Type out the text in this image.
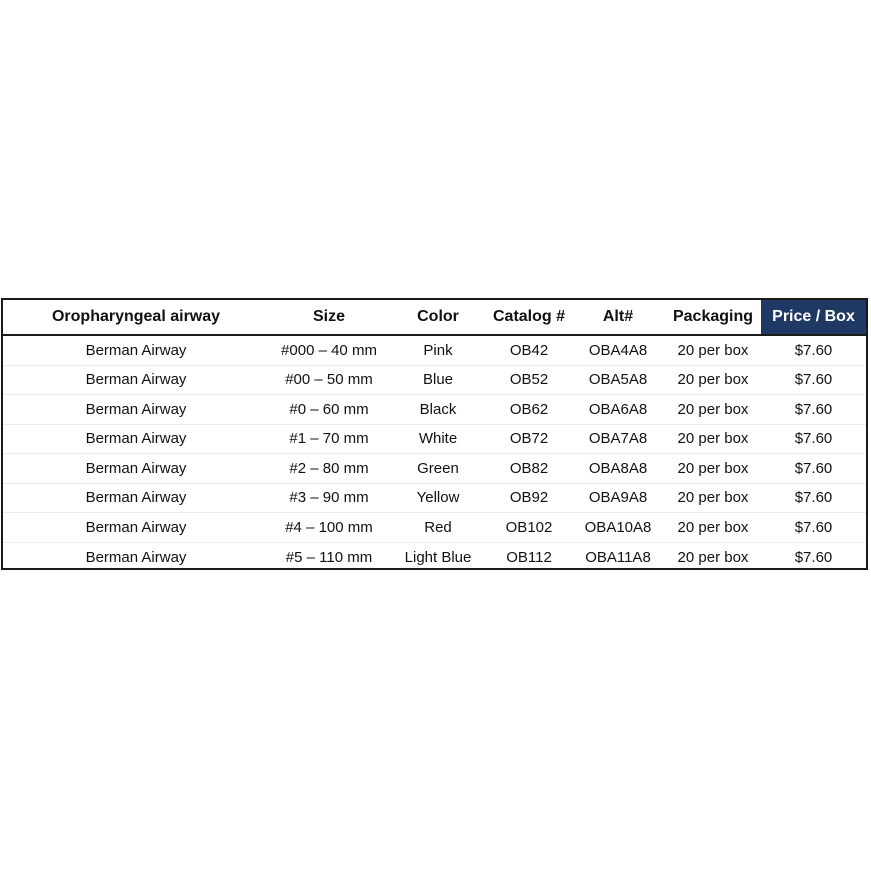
Oropharyngeal airway	Size	Color	Catalog #	Alt#	Packaging	Price / Box
Berman Airway	#000 – 40 mm	Pink	OB42	OBA4A8	20 per box	$7.60
Berman Airway	#00 – 50 mm	Blue	OB52	OBA5A8	20 per box	$7.60
Berman Airway	#0 – 60 mm	Black	OB62	OBA6A8	20 per box	$7.60
Berman Airway	#1 – 70 mm	White	OB72	OBA7A8	20 per box	$7.60
Berman Airway	#2 – 80 mm	Green	OB82	OBA8A8	20 per box	$7.60
Berman Airway	#3 – 90 mm	Yellow	OB92	OBA9A8	20 per box	$7.60
Berman Airway	#4 – 100 mm	Red	OB102	OBA10A8	20 per box	$7.60
Berman Airway	#5 – 110 mm	Light Blue	OB112	OBA11A8	20 per box	$7.60
